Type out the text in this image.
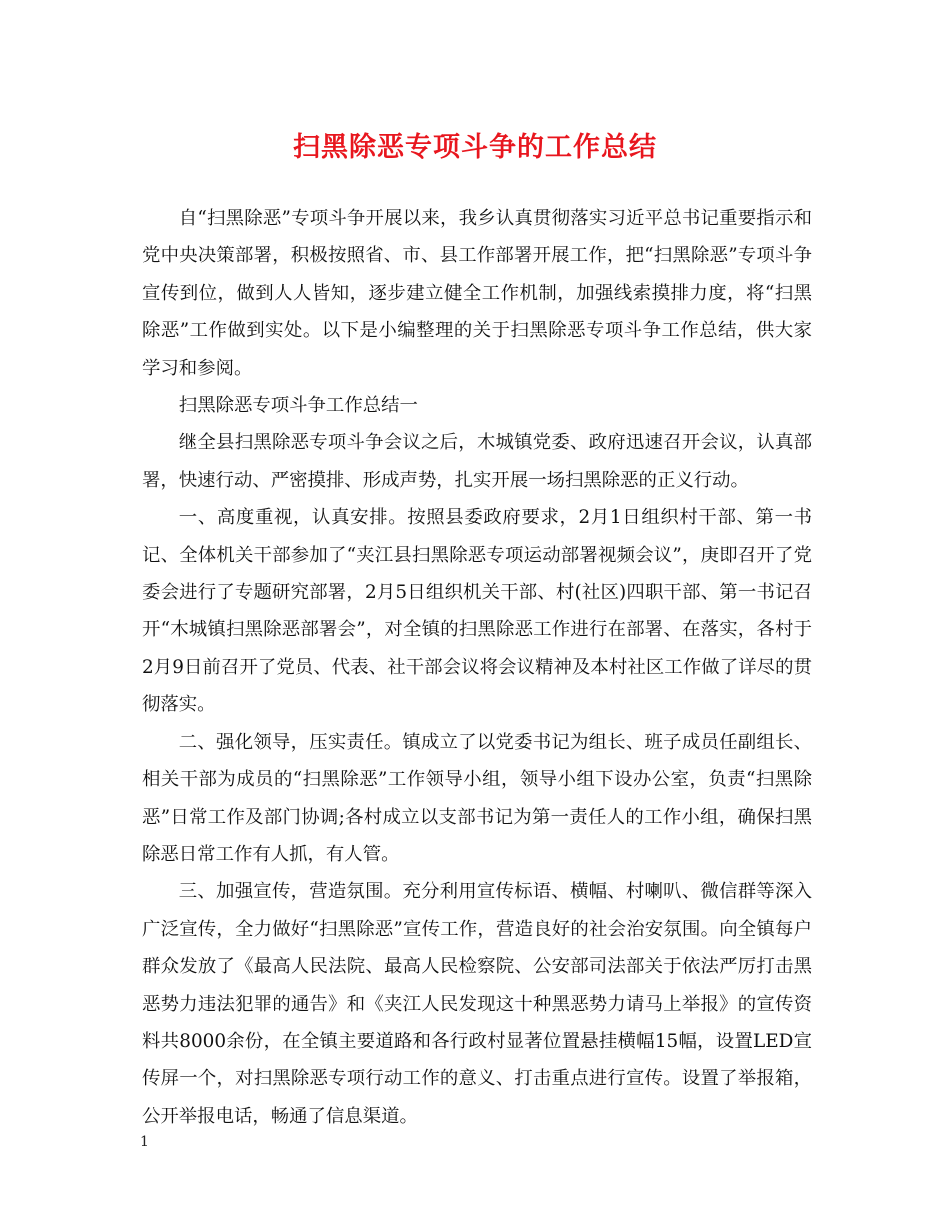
扫黑除恶专项斗争的工作总结

自“扫黑除恶”专项斗争开展以来，我乡认真贯彻落实习近平总书记重要指示和党中央决策部署，积极按照省、市、县工作部署开展工作，把“扫黑除恶”专项斗争宣传到位，做到人人皆知，逐步建立健全工作机制，加强线索摸排力度，将“扫黑除恶”工作做到实处。以下是小编整理的关于扫黑除恶专项斗争工作总结，供大家学习和参阅。

扫黑除恶专项斗争工作总结一

继全县扫黑除恶专项斗争会议之后，木城镇党委、政府迅速召开会议，认真部署，快速行动、严密摸排、形成声势，扎实开展一场扫黑除恶的正义行动。

一、高度重视，认真安排。按照县委政府要求，2月1日组织村干部、第一书记、全体机关干部参加了“夹江县扫黑除恶专项运动部署视频会议”，庚即召开了党委会进行了专题研究部署，2月5日组织机关干部、村(社区)四职干部、第一书记召开“木城镇扫黑除恶部署会”，对全镇的扫黑除恶工作进行在部署、在落实，各村于2月9日前召开了党员、代表、社干部会议将会议精神及本村社区工作做了详尽的贯彻落实。

二、强化领导，压实责任。镇成立了以党委书记为组长、班子成员任副组长、相关干部为成员的“扫黑除恶”工作领导小组，领导小组下设办公室，负责“扫黑除恶”日常工作及部门协调;各村成立以支部书记为第一责任人的工作小组，确保扫黑除恶日常工作有人抓，有人管。

三、加强宣传，营造氛围。充分利用宣传标语、横幅、村喇叭、微信群等深入广泛宣传，全力做好“扫黑除恶”宣传工作，营造良好的社会治安氛围。向全镇每户群众发放了《最高人民法院、最高人民检察院、公安部司法部关于依法严厉打击黑恶势力违法犯罪的通告》和《夹江人民发现这十种黑恶势力请马上举报》的宣传资料共8000余份，在全镇主要道路和各行政村显著位置悬挂横幅15幅，设置LED宣传屏一个，对扫黑除恶专项行动工作的意义、打击重点进行宣传。设置了举报箱，公开举报电话，畅通了信息渠道。

1
